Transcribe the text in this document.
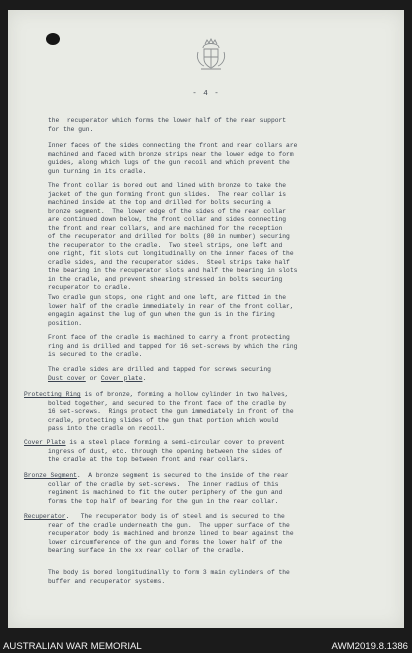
- 4 -

the  recuperator which forms the lower half of the rear support
for the gun.

Inner faces of the sides connecting the front and rear collars are
machined and faced with bronze strips near the lower edge to form
guides, along which lugs of the gun recoil and which prevent the
gun turning in its cradle.

The front collar is bored out and lined with bronze to take the
jacket of the gun forming front gun slides.  The rear collar is
machined inside at the top and drilled for bolts securing a
bronze segment.  The lower edge of the sides of the rear collar
are continued down below, the front collar and sides connecting
the front and rear collars, and are machined for the reception
of the recuperator and drilled for bolts (80 in number) securing
the recuperator to the cradle.  Two steel strips, one left and
one right, fit slots cut longitudinally on the inner faces of the
cradle sides, and the recuperator sides.  Steel strips take half
the bearing in the recuperator slots and half the bearing in slots
in the cradle, and prevent shearing stressed in bolts securing
recuperator to cradle.

Two cradle gun stops, one right and one left, are fitted in the
lower half of the cradle immediately in rear of the front collar,
engagin against the lug of gun when the gun is in the firing
position.

Front face of the cradle is machined to carry a front protecting
ring and is drilled and tapped for 16 set-screws by which the ring
is secured to the cradle.

The cradle sides are drilled and tapped for screws securing
Dust cover or Cover plate.

Protecting Ring is of bronze, forming a hollow cylinder in two halves,
bolted together, and secured to the front face of the cradle by
16 set-screws.  Rings protect the gun immediately in front of the
cradle, protecting slides of the gun that portion which would
pass into the cradle on recoil.
Cover Plate is a steel place forming a semi-circular cover to prevent
ingress of dust, etc. through the opening between the sides of
the cradle at the top between front and rear collars.
Bronze Segment.  A bronze segment is secured to the inside of the rear
collar of the cradle by set-screws.  The inner radius of this
regiment is machined to fit the outer periphery of the gun and
forms the top half of bearing for the gun in the rear collar.
Recuperator.   The recuperator body is of steel and is secured to the
rear of the cradle underneath the gun.  The upper surface of the
recuperator body is machined and bronze lined to bear against the
lower circumference of the gun and forms the lower half of the
bearing surface in the xx rear collar of the cradle.

The body is bored longitudinally to form 3 main cylinders of the
buffer and recuperator systems.

AUSTRALIAN WAR MEMORIAL	AWM2019.8.1386
